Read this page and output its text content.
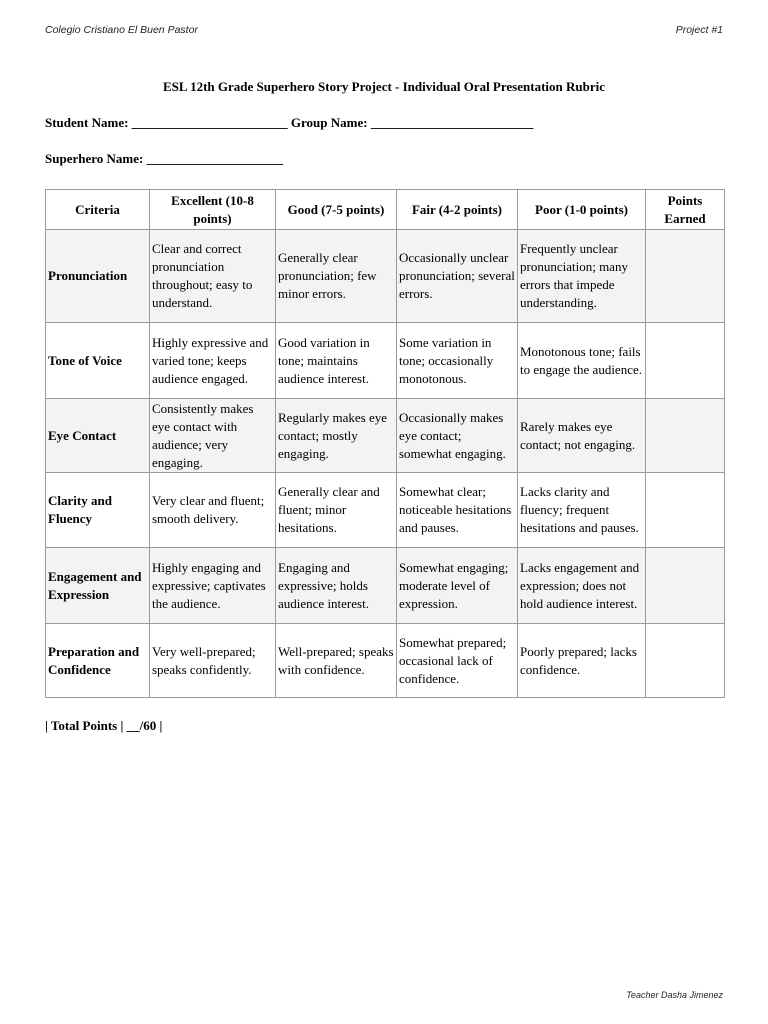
Colegio Cristiano El Buen Pastor	Project #1
ESL 12th Grade Superhero Story Project - Individual Oral Presentation Rubric
Student Name: ________________________ Group Name: _________________________
Superhero Name: _____________________
Criteria	Excellent (10-8 points)	Good (7-5 points)	Fair (4-2 points)	Poor (1-0 points)	Points Earned
Pronunciation	Clear and correct pronunciation throughout; easy to understand.	Generally clear pronunciation; few minor errors.	Occasionally unclear pronunciation; several errors.	Frequently unclear pronunciation; many errors that impede understanding.	
Tone of Voice	Highly expressive and varied tone; keeps audience engaged.	Good variation in tone; maintains audience interest.	Some variation in tone; occasionally monotonous.	Monotonous tone; fails to engage the audience.	
Eye Contact	Consistently makes eye contact with audience; very engaging.	Regularly makes eye contact; mostly engaging.	Occasionally makes eye contact; somewhat engaging.	Rarely makes eye contact; not engaging.	
Clarity and Fluency	Very clear and fluent; smooth delivery.	Generally clear and fluent; minor hesitations.	Somewhat clear; noticeable hesitations and pauses.	Lacks clarity and fluency; frequent hesitations and pauses.	
Engagement and Expression	Highly engaging and expressive; captivates the audience.	Engaging and expressive; holds audience interest.	Somewhat engaging; moderate level of expression.	Lacks engagement and expression; does not hold audience interest.	
Preparation and Confidence	Very well-prepared; speaks confidently.	Well-prepared; speaks with confidence.	Somewhat prepared; occasional lack of confidence.	Poorly prepared; lacks confidence.	
| Total Points | __/60 |
Teacher Dasha Jimenez
